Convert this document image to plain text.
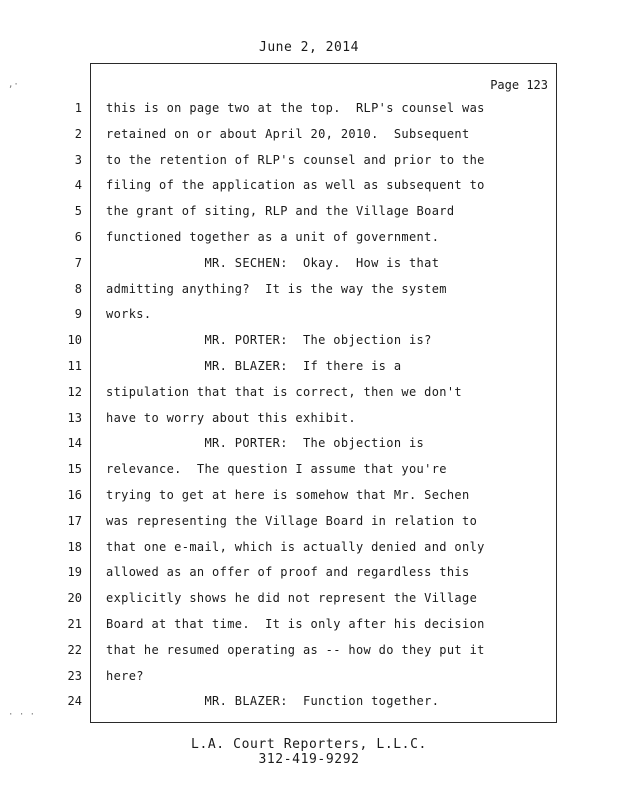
June 2, 2014
Page 123
1 this is on page two at the top.  RLP's counsel was
2 retained on or about April 20, 2010.  Subsequent
3 to the retention of RLP's counsel and prior to the
4 filing of the application as well as subsequent to
5 the grant of siting, RLP and the Village Board
6 functioned together as a unit of government.
7 MR. SECHEN:  Okay.  How is that
8 admitting anything?  It is the way the system
9 works.
10 MR. PORTER:  The objection is?
11 MR. BLAZER:  If there is a
12 stipulation that that is correct, then we don't
13 have to worry about this exhibit.
14 MR. PORTER:  The objection is
15 relevance.  The question I assume that you're
16 trying to get at here is somehow that Mr. Sechen
17 was representing the Village Board in relation to
18 that one e-mail, which is actually denied and only
19 allowed as an offer of proof and regardless this
20 explicitly shows he did not represent the Village
21 Board at that time.  It is only after his decision
22 that he resumed operating as -- how do they put it
23 here?
24 MR. BLAZER:  Function together.
L.A. Court Reporters, L.L.C.
312-419-9292
,·
· · ·
